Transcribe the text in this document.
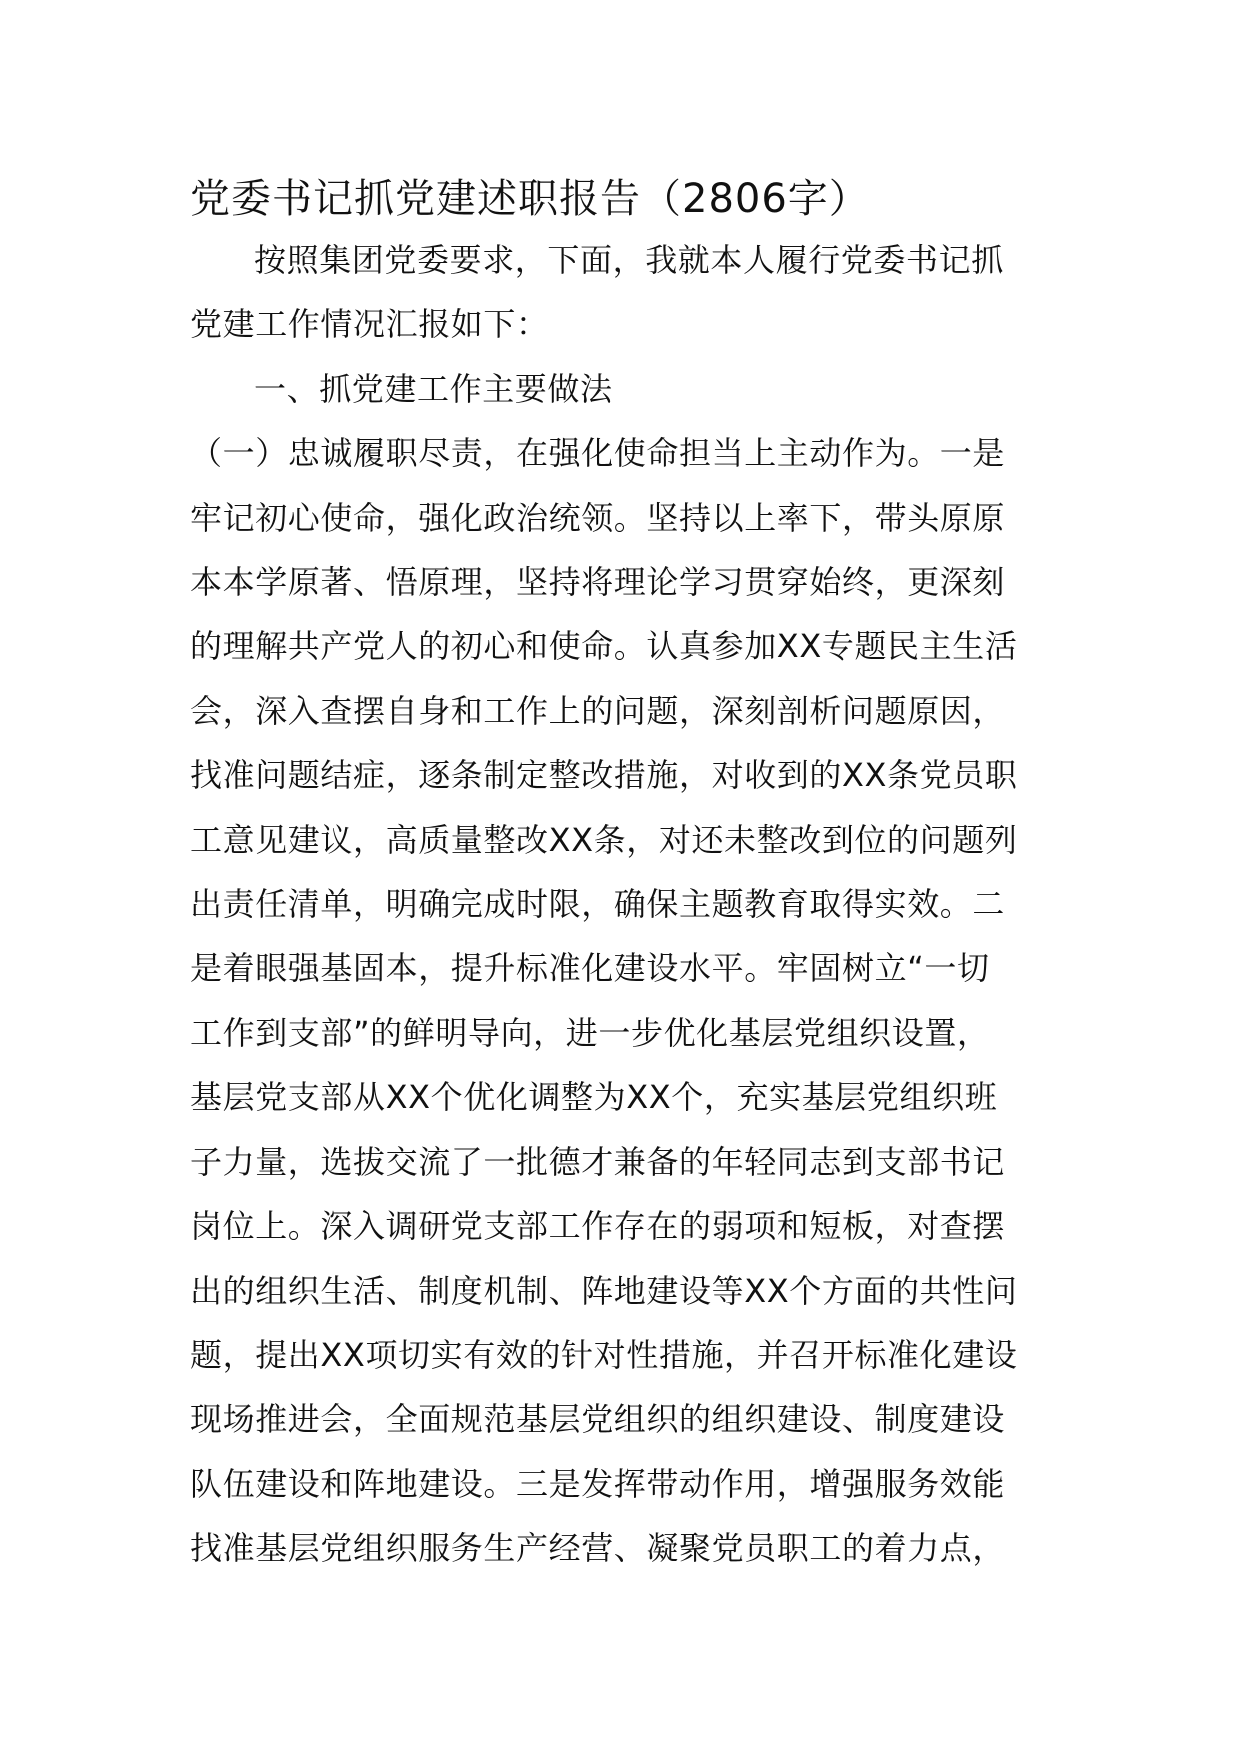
党委书记抓党建述职报告（2806字）
按照集团党委要求，下面，我就本人履行党委书记抓
党建工作情况汇报如下：
一、抓党建工作主要做法
（一）忠诚履职尽责，在强化使命担当上主动作为。一是
牢记初心使命，强化政治统领。坚持以上率下，带头原原
本本学原著、悟原理，坚持将理论学习贯穿始终，更深刻
的理解共产党人的初心和使命。认真参加XX专题民主生活
会，深入查摆自身和工作上的问题，深刻剖析问题原因，
找准问题结症，逐条制定整改措施，对收到的XX条党员职
工意见建议，高质量整改XX条，对还未整改到位的问题列
出责任清单，明确完成时限，确保主题教育取得实效。二
是着眼强基固本，提升标准化建设水平。牢固树立“一切
工作到支部”的鲜明导向，进一步优化基层党组织设置，
基层党支部从XX个优化调整为XX个，充实基层党组织班
子力量，选拔交流了一批德才兼备的年轻同志到支部书记
岗位上。深入调研党支部工作存在的弱项和短板，对查摆
出的组织生活、制度机制、阵地建设等XX个方面的共性问
题，提出XX项切实有效的针对性措施，并召开标准化建设
现场推进会，全面规范基层党组织的组织建设、制度建设
队伍建设和阵地建设。三是发挥带动作用，增强服务效能
找准基层党组织服务生产经营、凝聚党员职工的着力点，
